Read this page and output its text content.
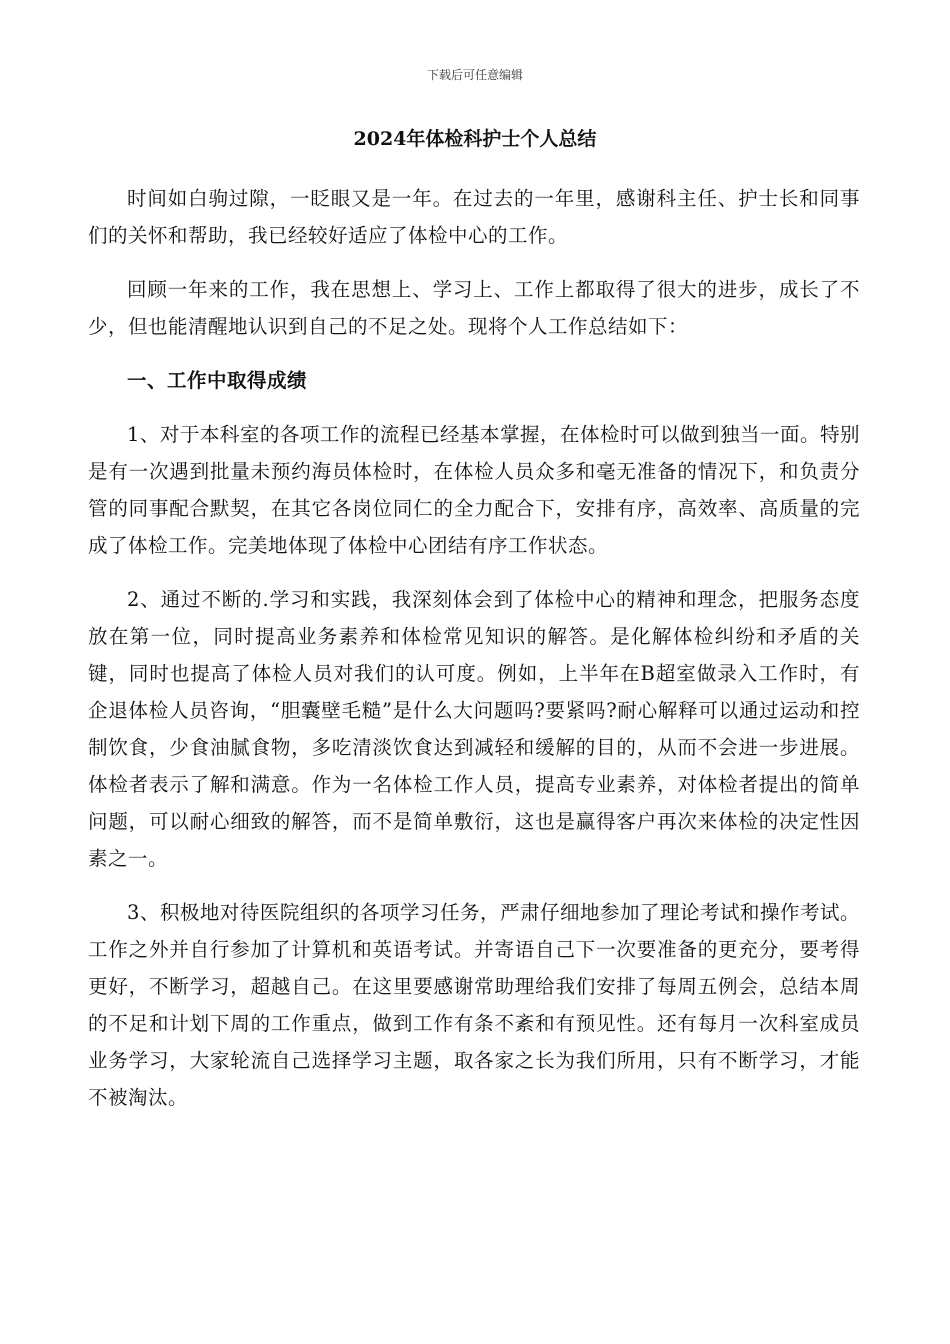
下载后可任意编辑
2024年体检科护士个人总结

时间如白驹过隙，一眨眼又是一年。在过去的一年里，感谢科主任、护士长和同事们的关怀和帮助，我已经较好适应了体检中心的工作。

回顾一年来的工作，我在思想上、学习上、工作上都取得了很大的进步，成长了不少，但也能清醒地认识到自己的不足之处。现将个人工作总结如下：

一、工作中取得成绩

1、对于本科室的各项工作的流程已经基本掌握，在体检时可以做到独当一面。特别是有一次遇到批量未预约海员体检时，在体检人员众多和毫无准备的情况下，和负责分管的同事配合默契，在其它各岗位同仁的全力配合下，安排有序，高效率、高质量的完成了体检工作。完美地体现了体检中心团结有序工作状态。

2、通过不断的.学习和实践，我深刻体会到了体检中心的精神和理念，把服务态度放在第一位，同时提高业务素养和体检常见知识的解答。是化解体检纠纷和矛盾的关键，同时也提高了体检人员对我们的认可度。例如，上半年在B超室做录入工作时，有企退体检人员咨询，“胆囊壁毛糙”是什么大问题吗?要紧吗?耐心解释可以通过运动和控制饮食，少食油腻食物，多吃清淡饮食达到减轻和缓解的目的，从而不会进一步进展。体检者表示了解和满意。作为一名体检工作人员，提高专业素养，对体检者提出的简单问题，可以耐心细致的解答，而不是简单敷衍，这也是赢得客户再次来体检的决定性因素之一。

3、积极地对待医院组织的各项学习任务，严肃仔细地参加了理论考试和操作考试。工作之外并自行参加了计算机和英语考试。并寄语自己下一次要准备的更充分，要考得更好，不断学习，超越自己。在这里要感谢常助理给我们安排了每周五例会，总结本周的不足和计划下周的工作重点，做到工作有条不紊和有预见性。还有每月一次科室成员业务学习，大家轮流自己选择学习主题，取各家之长为我们所用，只有不断学习，才能不被淘汰。
